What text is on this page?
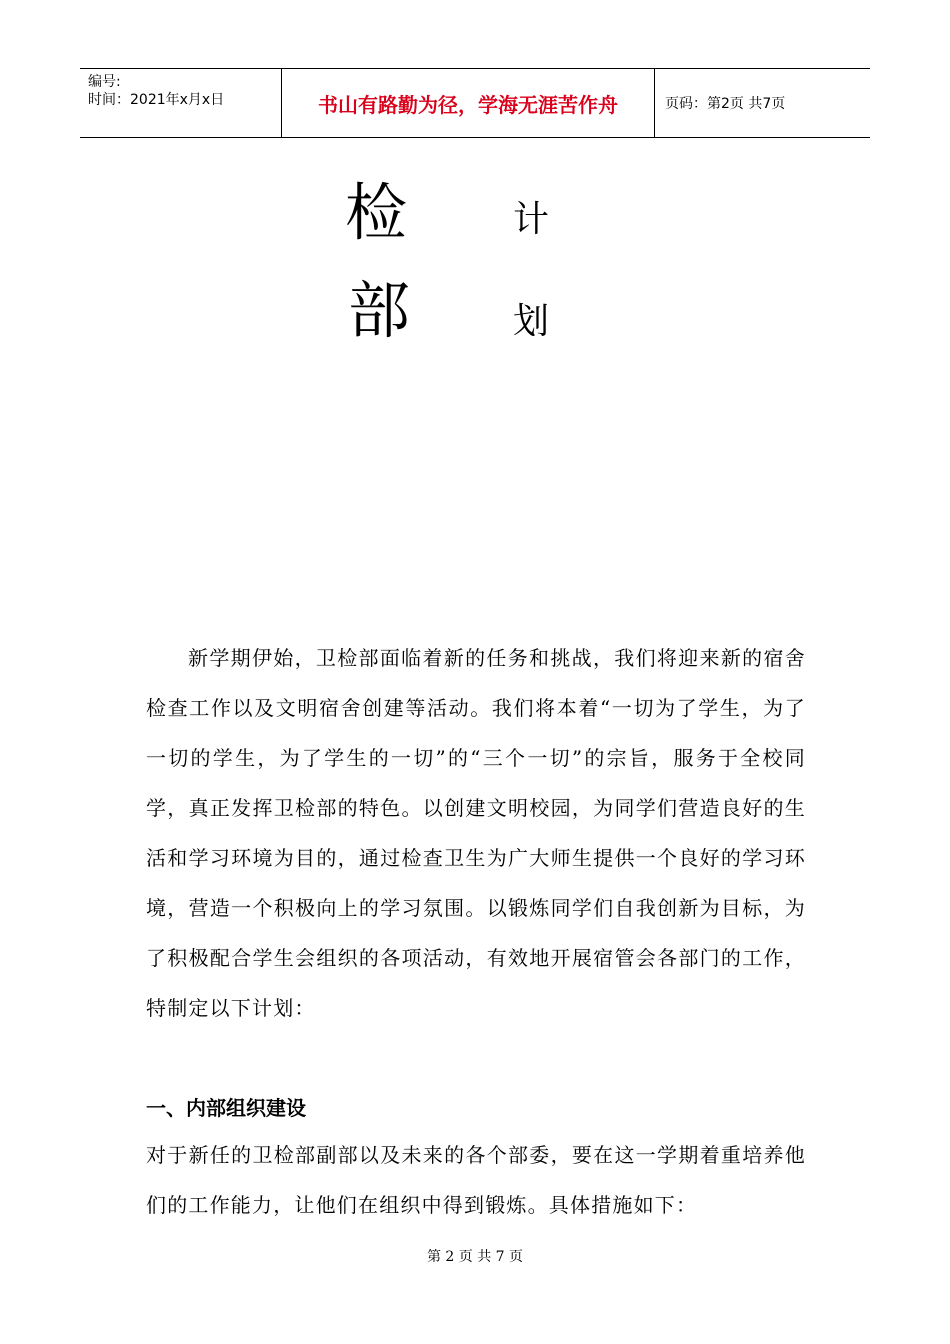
编号:
时间：2021年x月x日	书山有路勤为径，学海无涯苦作舟	页码：第2页 共7页
检	计
部	划

新学期伊始，卫检部面临着新的任务和挑战，我们将迎来新的宿舍检查工作以及文明宿舍创建等活动。我们将本着“一切为了学生，为了一切的学生，为了学生的一切”的“三个一切”的宗旨，服务于全校同学，真正发挥卫检部的特色。以创建文明校园，为同学们营造良好的生活和学习环境为目的，通过检查卫生为广大师生提供一个良好的学习环境，营造一个积极向上的学习氛围。以锻炼同学们自我创新为目标，为了积极配合学生会组织的各项活动，有效地开展宿管会各部门的工作，特制定以下计划：

一、内部组织建设

对于新任的卫检部副部以及未来的各个部委，要在这一学期着重培养他们的工作能力，让他们在组织中得到锻炼。具体措施如下：

第 2 页 共 7 页
